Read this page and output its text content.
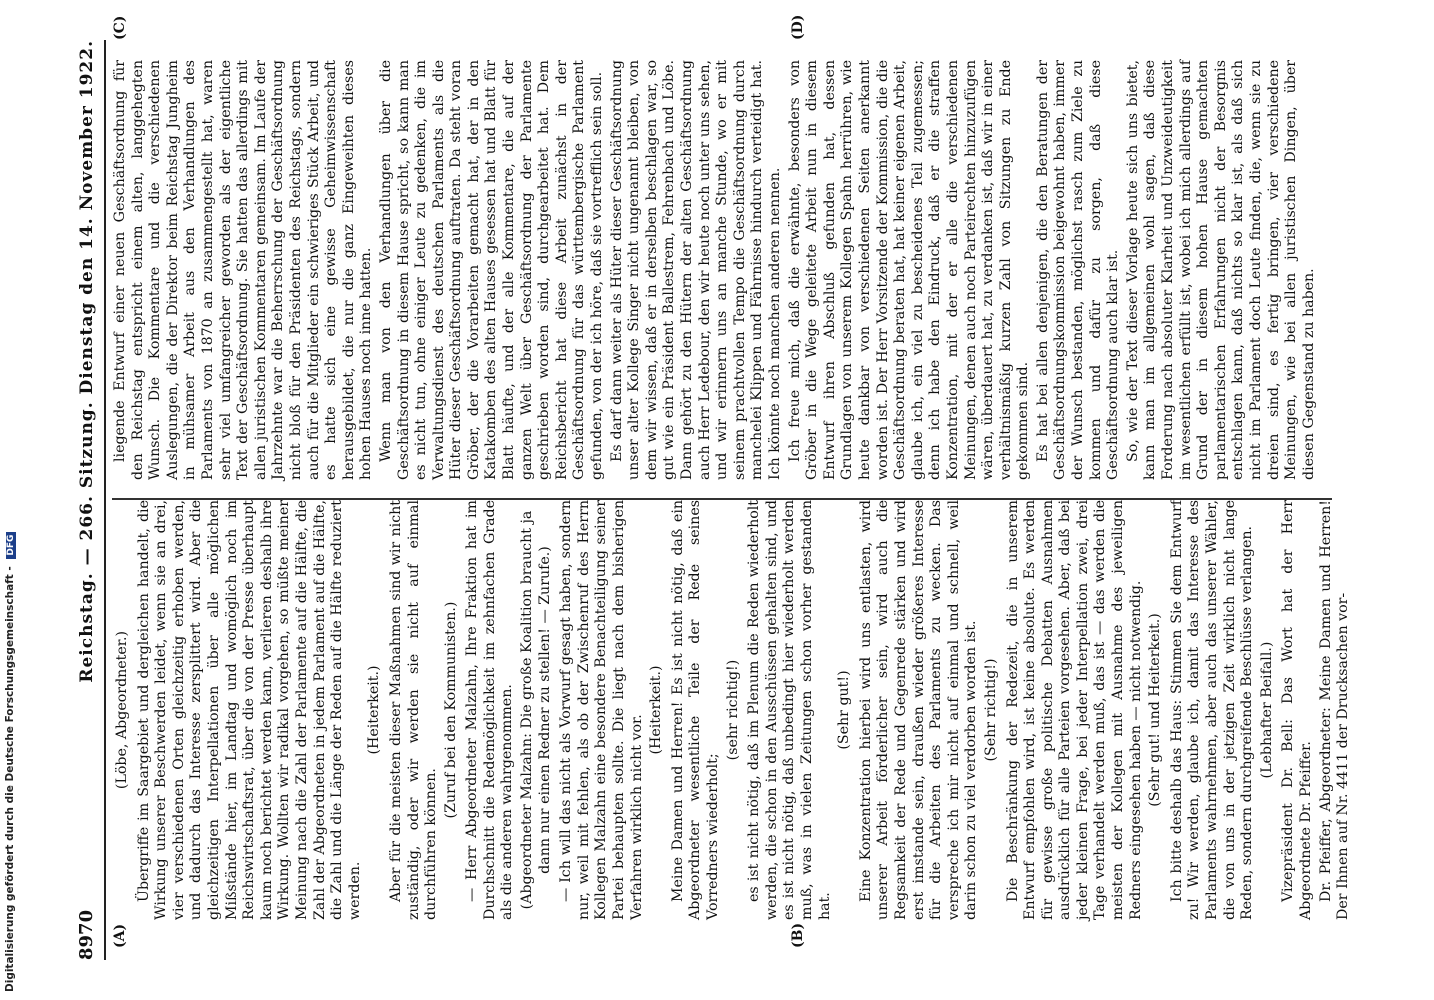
8970
Reichstag. — 266. Sitzung. Dienstag den 14. November 1922.
(A)	(B)
(C)	(D)

(Löbe, Abgeordneter.) Übergriffe im Saargebiet und dergleichen handelt, die Wirkung unserer Beschwerden leidet, wenn sie an drei, vier verschiedenen Orten gleichzeitig erhoben werden, und dadurch das Interesse zersplittert wird. Aber die gleichzeitigen Interpellationen über alle möglichen Mißstände hier, im Landtag und womöglich noch im Reichswirtschaftsrat, über die von der Presse überhaupt kaum noch berichtet werden kann, verlieren deshalb ihre Wirkung. Wollten wir radikal vorgehen, so müßte meiner Meinung nach die Zahl der Parlamente auf die Hälfte, die Zahl der Abgeordneten in jedem Parlament auf die Hälfte, die Zahl und die Länge der Reden auf die Hälfte reduziert werden.

(Heiterkeit.) Aber für die meisten dieser Maßnahmen sind wir nicht zuständig, oder wir werden sie nicht auf einmal durchführen können.

(Zuruf bei den Kommunisten.) — Herr Abgeordneter Malzahn, Ihre Fraktion hat im Durchschnitt die Redemöglichkeit im zehnfachen Grade als die anderen wahrgenommen. (Abgeordneter Malzahn: Die große Koalition braucht ja dann nur einen Redner zu stellen! — Zurufe.) — Ich will das nicht als Vorwurf gesagt haben, sondern nur, weil mit fehlen, als ob der Zwischenruf des Herrn Kollegen Malzahn eine besondere Benachteiligung seiner Partei behaupten sollte. Die liegt nach dem bisherigen Verfahren wirklich nicht vor.

(Heiterkeit.) Meine Damen und Herren! Es ist nicht nötig, daß ein Abgeordneter wesentliche Teile der Rede seines Vorredners wiederholt;

(sehr richtig!) es ist nicht nötig, daß im Plenum die Reden wiederholt werden, die schon in den Ausschüssen gehalten sind, und es ist nicht nötig, daß unbedingt hier wiederholt werden muß, was in vielen Zeitungen schon vorher gestanden hat.

(Sehr gut!) Eine Konzentration hierbei wird uns entlasten, wird unserer Arbeit förderlicher sein, wird auch die Regsamkeit der Rede und Gegenrede stärken und wird erst imstande sein, draußen wieder größeres Interesse für die Arbeiten des Parlaments zu wecken. Das verspreche ich mir nicht auf einmal und schnell, weil darin schon zu viel verdorben worden ist. (Sehr richtig!) Die Beschränkung der Redezeit, die in unserem Entwurf empfohlen wird, ist keine absolute. Es werden für gewisse große politische Debatten Ausnahmen ausdrücklich für alle Parteien vorgesehen. Aber, daß bei jeder kleinen Frage, bei jeder Interpellation zwei, drei Tage verhandelt werden muß, das ist — das werden die meisten der Kollegen mit Ausnahme des jeweiligen Redners eingesehen haben — nicht notwendig. (Sehr gut! und Heiterkeit.) Ich bitte deshalb das Haus: Stimmen Sie dem Entwurf zu! Wir werden, glaube ich, damit das Interesse des Parlaments wahrnehmen, aber auch das unserer Wähler, die von uns in der jetzigen Zeit wirklich nicht lange Reden, sondern durchgreifende Beschlüsse verlangen. (Lebhafter Beifall.) Vizepräsident Dr. Bell: Das Wort hat der Herr Abgeordnete Dr. Pfeiffer. Dr. Pfeiffer, Abgeordneter: Meine Damen und Herren! Der Ihnen auf Nr. 4411 der Drucksachen vor-

liegende Entwurf einer neuen Geschäftsordnung für den Reichstag entspricht einem alten, langgehegten Wunsch. Die Kommentare und die verschiedenen Auslegungen, die der Direktor beim Reichstag Jungheim in mühsamer Arbeit aus den Verhandlungen des Parlaments von 1870 an zusammengestellt hat, waren sehr viel umfangreicher geworden als der eigentliche Text der Geschäftsordnung. Sie hatten das allerdings mit allen juristischen Kommentaren gemeinsam. Im Laufe der Jahrzehnte war die Beherrschung der Geschäftsordnung nicht bloß für den Präsidenten des Reichstags, sondern auch für die Mitglieder ein schwieriges Stück Arbeit, und es hatte sich eine gewisse Geheimwissenschaft herausgebildet, die nur die ganz Eingeweihten dieses hohen Hauses noch inne hatten. Wenn man von den Verhandlungen über die Geschäftsordnung in diesem Hause spricht, so kann man es nicht tun, ohne einiger Leute zu gedenken, die im Verwaltungsdienst des deutschen Parlaments als die Hüter dieser Geschäftsordnung auftraten. Da steht voran Gröber, der die Vorarbeiten gemacht hat, der in den Katakomben des alten Hauses gesessen hat und Blatt für Blatt häufte, und der alle Kommentare, die auf der ganzen Welt über Geschäftsordnung der Parlamente geschrieben worden sind, durchgearbeitet hat. Dem Reichsbericht hat diese Arbeit zunächst in der Geschäftsordnung für das württembergische Parlament gefunden, von der ich höre, daß sie vortrefflich sein soll. Es darf dann weiter als Hüter dieser Geschäftsordnung unser alter Kollege Singer nicht ungenannt bleiben, von dem wir wissen, daß er in derselben beschlagen war, so gut wie ein Präsident Ballestrem, Fehrenbach und Löbe. Dann gehört zu den Hütern der alten Geschäftsordnung auch Herr Ledebour, den wir heute noch unter uns sehen, und wir erinnern uns an manche Stunde, wo er mit seinem prachtvollen Tempo die Geschäftsordnung durch manchelei Klippen und Fährnisse hindurch verteidigt hat. Ich könnte noch manchen anderen nennen. Ich freue mich, daß die erwähnte, besonders von Gröber in die Wege geleitete Arbeit nun in diesem Entwurf ihren Abschluß gefunden hat, dessen Grundlagen von unserem Kollegen Spahn herrühren, wie heute dankbar von verschiedenen Seiten anerkannt worden ist. Der Herr Vorsitzende der Kommission, die die Geschäftsordnung beraten hat, hat keiner eigenen Arbeit, glaube ich, ein viel zu bescheidenes Teil zugemessen; denn ich habe den Eindruck, daß er die straffen Konzentration, mit der er alle die verschiedenen Meinungen, denen auch noch Parteirechten hinzuzufügen wären, überdauert hat, zu verdanken ist, daß wir in einer verhältnismäßig kurzen Zahl von Sitzungen zu Ende gekommen sind. Es hat bei allen denjenigen, die den Beratungen der Geschäftsordnungskommission beigewohnt haben, immer der Wunsch bestanden, möglichst rasch zum Ziele zu kommen und dafür zu sorgen, daß diese Geschäftsordnung auch klar ist. So, wie der Text dieser Vorlage heute sich uns bietet, kann man im allgemeinen wohl sagen, daß diese Forderung nach absoluter Klarheit und Unzweideutigkeit im wesentlichen erfüllt ist, wobei ich mich allerdings auf Grund der in diesem hohen Hause gemachten parlamentarischen Erfahrungen nicht der Besorgnis entschlagen kann, daß nichts so klar ist, als daß sich nicht im Parlament doch Leute finden, die, wenn sie zu dreien sind, es fertig bringen, vier verschiedene Meinungen, wie bei allen juristischen Dingen, über diesen Gegenstand zu haben.

Digitalisierung gefördert durch die Deutsche Forschungsgemeinschaft - DFG
